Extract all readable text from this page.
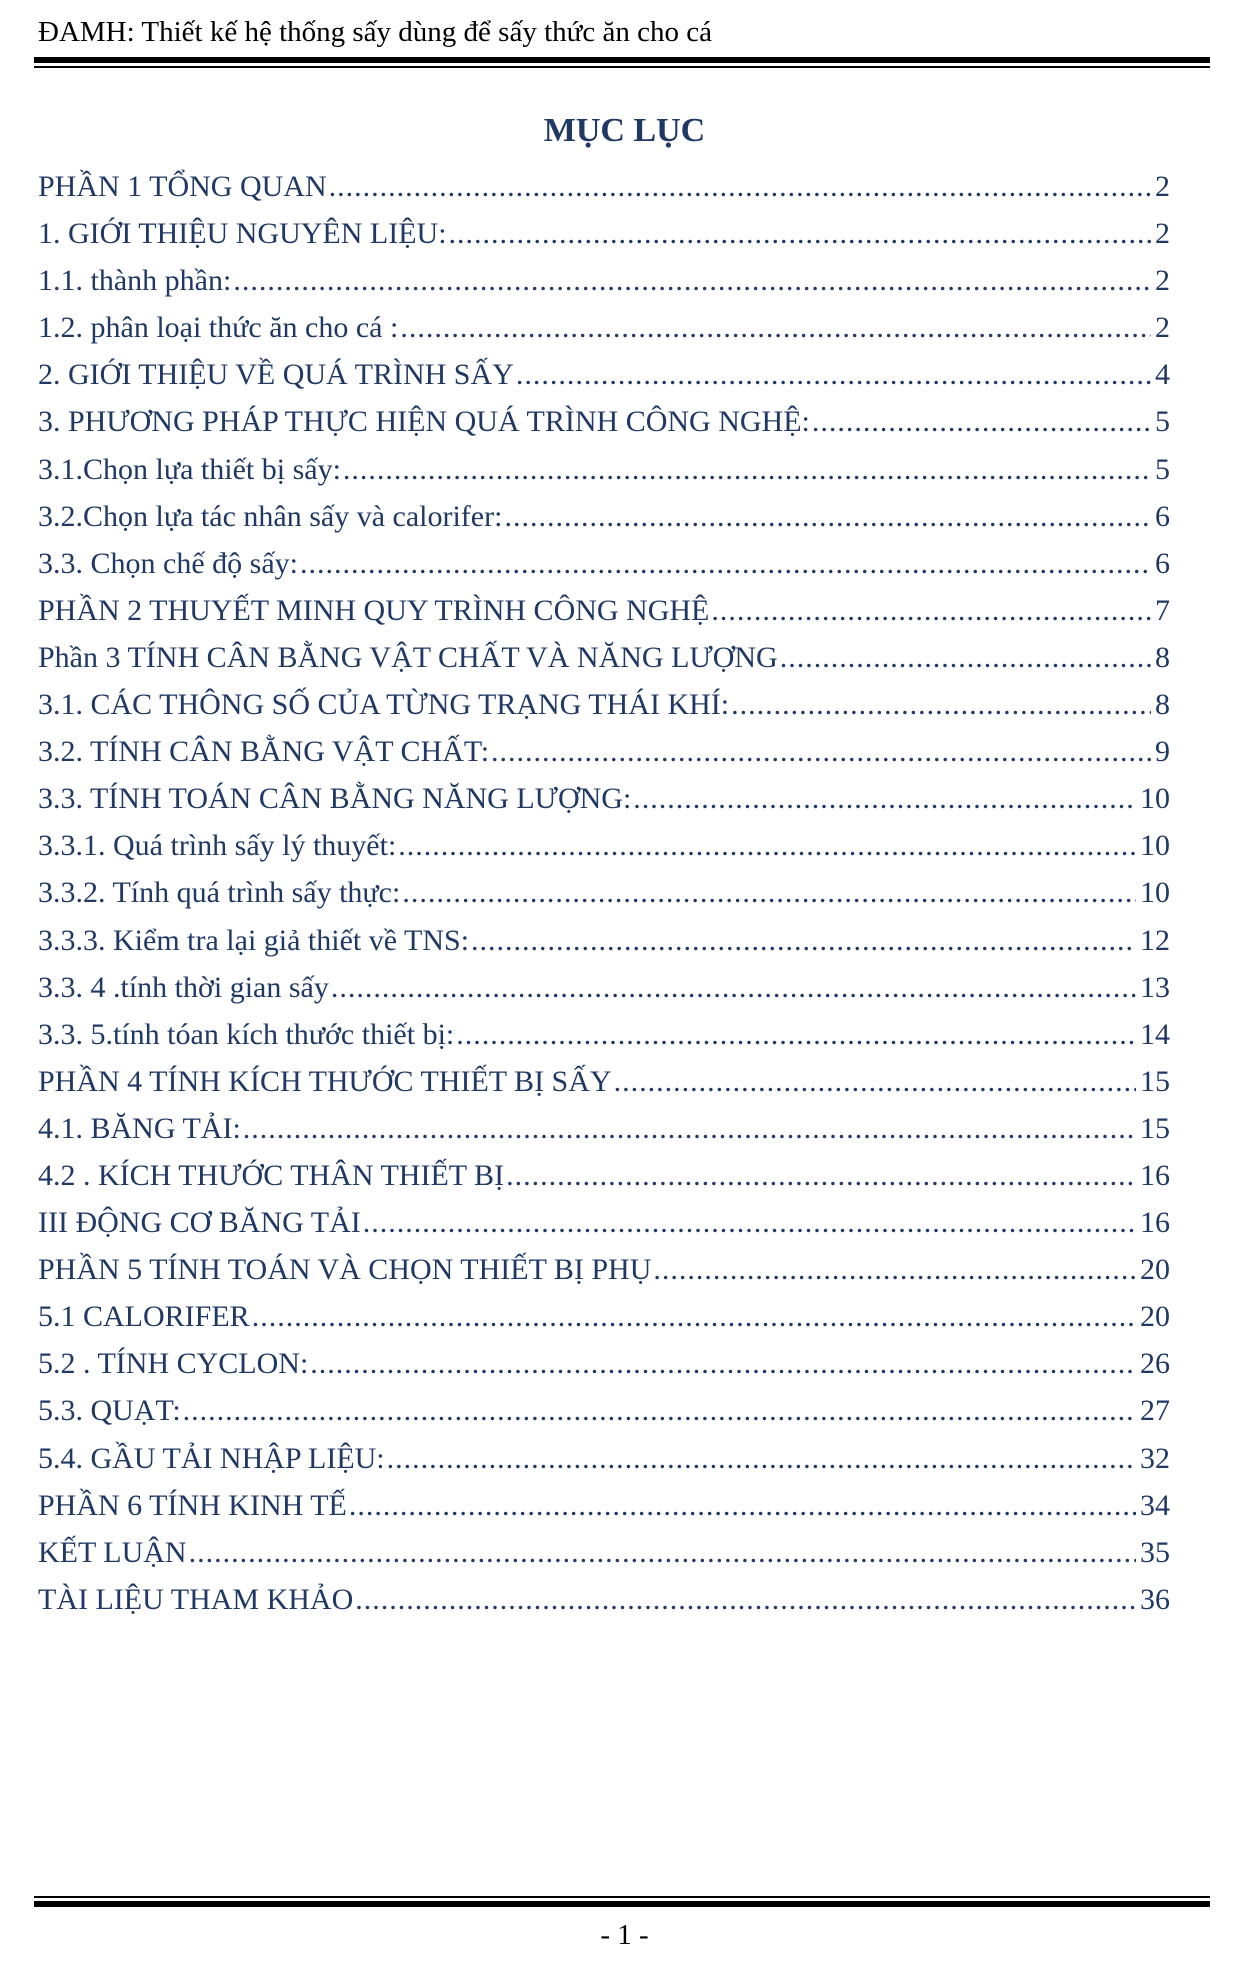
ĐAMH: Thiết kế hệ thống sấy dùng để sấy thức ăn cho cá
MỤC LỤC
PHẦN 1 TỔNG QUAN .....	2
1. GIỚI THIỆU NGUYÊN LIỆU: .....	2
1.1. thành phần: .....	2
1.2. phân loại thức ăn cho cá : .....	2
2. GIỚI THIỆU VỀ QUÁ TRÌNH SẤY .....	4
3. PHƯƠNG PHÁP THỰC HIỆN QUÁ TRÌNH CÔNG NGHỆ: .....	5
3.1.Chọn lựa thiết bị sấy: .....	5
3.2.Chọn lựa tác nhân sấy và calorifer: .....	6
3.3. Chọn chế độ sấy: .....	6
PHẦN 2 THUYẾT MINH QUY TRÌNH CÔNG NGHỆ .....	7
Phần 3 TÍNH CÂN BẰNG VẬT CHẤT VÀ NĂNG LƯỢNG .....	8
3.1. CÁC THÔNG SỐ CỦA TỪNG TRẠNG THÁI KHÍ: .....	8
3.2. TÍNH CÂN BẰNG VẬT CHẤT: .....	9
3.3. TÍNH TOÁN CÂN BẰNG NĂNG LƯỢNG: .....	10
3.3.1. Quá trình sấy lý thuyết: .....	10
3.3.2. Tính quá trình sấy thực: .....	10
3.3.3. Kiểm tra lại giả thiết về TNS: .....	12
3.3. 4 .tính thời gian sấy .....	13
3.3. 5.tính tóan kích thước thiết bị: .....	14
PHẦN 4 TÍNH KÍCH THƯỚC THIẾT BỊ SẤY .....	15
4.1. BĂNG TẢI: .....	15
4.2 . KÍCH THƯỚC THÂN THIẾT BỊ .....	16
III ĐỘNG CƠ BĂNG TẢI .....	16
PHẦN 5 TÍNH TOÁN VÀ CHỌN THIẾT BỊ PHỤ .....	20
5.1 CALORIFER .....	20
5.2 . TÍNH CYCLON: .....	26
5.3. QUẠT: .....	27
5.4. GẦU TẢI NHẬP LIỆU: .....	32
PHẦN 6 TÍNH KINH TẾ .....	34
KẾT LUẬN .....	35
TÀI LIỆU THAM KHẢO .....	36
- 1 -
